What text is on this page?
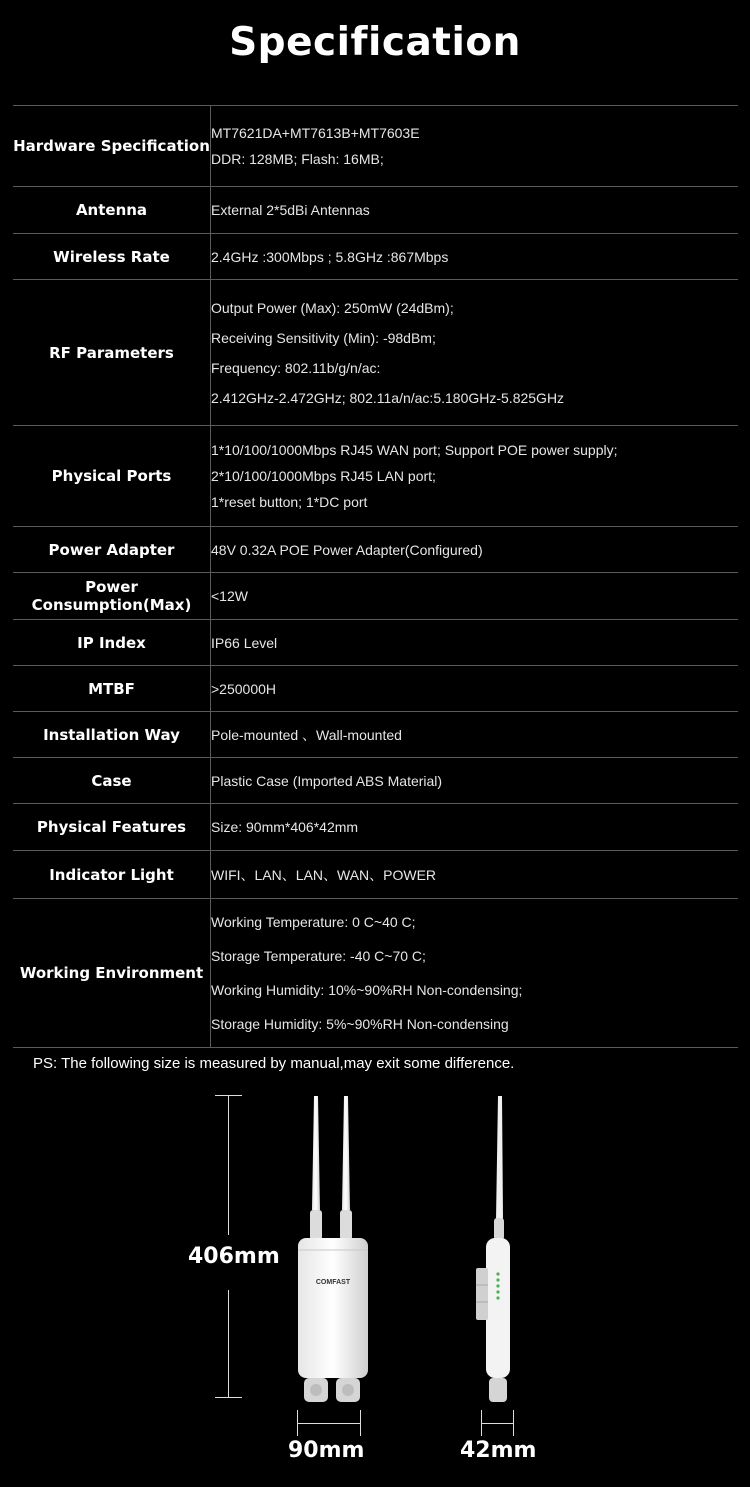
Specification
Hardware Specification	MT7621DA+MT7613B+MT7603E
DDR: 128MB; Flash: 16MB;

Antenna	External 2*5dBi Antennas

Wireless Rate	2.4GHz :300Mbps ; 5.8GHz :867Mbps

RF Parameters	Output Power (Max): 250mW (24dBm);
Receiving Sensitivity (Min): -98dBm;
Frequency: 802.11b/g/n/ac:
2.412GHz-2.472GHz; 802.11a/n/ac:5.180GHz-5.825GHz

Physical Ports	1*10/100/1000Mbps RJ45 WAN port; Support POE power supply;
2*10/100/1000Mbps RJ45 LAN port;
1*reset button; 1*DC port

Power Adapter	48V 0.32A POE Power Adapter(Configured)

Power Consumption(Max)	<12W

IP Index	IP66 Level

MTBF	>250000H

Installation Way	Pole-mounted 、Wall-mounted

Case	Plastic Case (Imported ABS Material)

Physical Features	Size: 90mm*406*42mm

Indicator Light	WIFI、LAN、LAN、WAN、POWER

Working Environment	Working Temperature: 0 C~40 C;
Storage Temperature: -40 C~70 C;
Working Humidity: 10%~90%RH Non-condensing;
Storage Humidity: 5%~90%RH Non-condensing
PS: The following size is measured by manual,may exit some difference.
406mm
COMFAST
90mm	42mm
